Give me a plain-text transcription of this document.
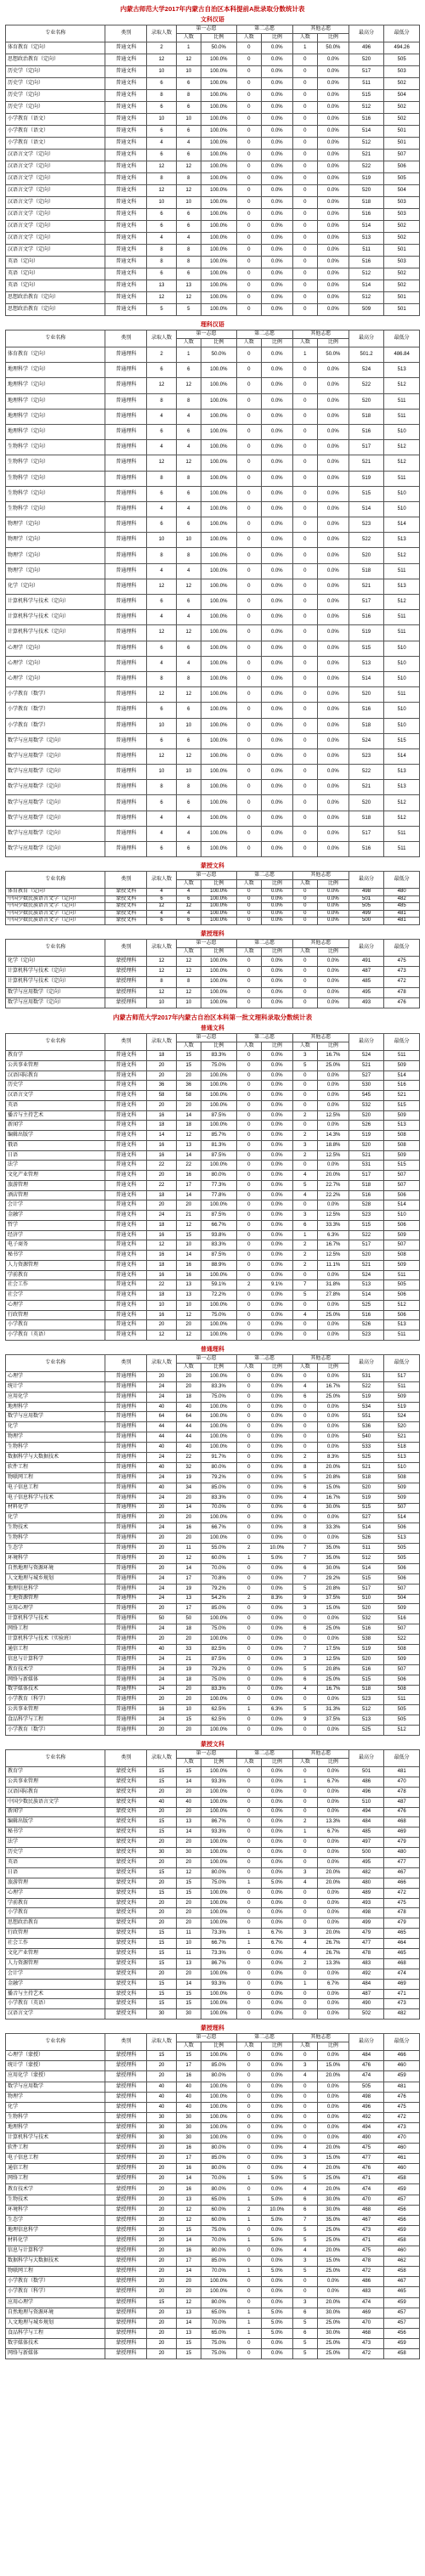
内蒙古师范大学2017年内蒙古自治区本科提前A批录取分数统计表
文科汉语
专业名称	类别	录取人数	第一志愿		第二志愿		其他志愿		最高分	最低分
			人数	比例	人数	比例	人数	比例		
体育教育（定向）	普通文科	2	1	50.0%	0	0.0%	1	50.0%	496	494.26
思想政治教育（定向）	普通文科	12	12	100.0%	0	0.0%	0	0.0%	520	505
历史学（定向）	普通文科	10	10	100.0%	0	0.0%	0	0.0%	517	503
历史学（定向）	普通文科	6	6	100.0%	0	0.0%	0	0.0%	511	502
历史学（定向）	普通文科	8	8	100.0%	0	0.0%	0	0.0%	515	504
历史学（定向）	普通文科	6	6	100.0%	0	0.0%	0	0.0%	512	502
小学教育（语文）	普通文科	10	10	100.0%	0	0.0%	0	0.0%	516	502
小学教育（语文）	普通文科	6	6	100.0%	0	0.0%	0	0.0%	514	501
小学教育（语文）	普通文科	4	4	100.0%	0	0.0%	0	0.0%	512	501
汉语言文学（定向）	普通文科	6	6	100.0%	0	0.0%	0	0.0%	521	507
汉语言文学（定向）	普通文科	12	12	100.0%	0	0.0%	0	0.0%	522	506
汉语言文学（定向）	普通文科	8	8	100.0%	0	0.0%	0	0.0%	519	505
汉语言文学（定向）	普通文科	12	12	100.0%	0	0.0%	0	0.0%	520	504
汉语言文学（定向）	普通文科	10	10	100.0%	0	0.0%	0	0.0%	518	503
汉语言文学（定向）	普通文科	6	6	100.0%	0	0.0%	0	0.0%	516	503
汉语言文学（定向）	普通文科	6	6	100.0%	0	0.0%	0	0.0%	514	502
汉语言文学（定向）	普通文科	4	4	100.0%	0	0.0%	0	0.0%	513	502
汉语言文学（定向）	普通文科	8	8	100.0%	0	0.0%	0	0.0%	511	501
英语（定向）	普通文科	8	8	100.0%	0	0.0%	0	0.0%	516	503
英语（定向）	普通文科	6	6	100.0%	0	0.0%	0	0.0%	512	502
英语（定向）	普通文科	13	13	100.0%	0	0.0%	0	0.0%	514	502
思想政治教育（定向）	普通文科	12	12	100.0%	0	0.0%	0	0.0%	512	501
思想政治教育（定向）	普通文科	5	5	100.0%	0	0.0%	0	0.0%	509	501
理科汉语
专业名称	类别	录取人数	第一志愿		第二志愿		其他志愿		最高分	最低分
			人数	比例	人数	比例	人数	比例		
体育教育（定向）	普通理科	2	1	50.0%	0	0.0%	1	50.0%	501.2	486.84
地理科学（定向）	普通理科	6	6	100.0%	0	0.0%	0	0.0%	524	513
地理科学（定向）	普通理科	12	12	100.0%	0	0.0%	0	0.0%	522	512
地理科学（定向）	普通理科	8	8	100.0%	0	0.0%	0	0.0%	520	511
地理科学（定向）	普通理科	4	4	100.0%	0	0.0%	0	0.0%	518	511
地理科学（定向）	普通理科	6	6	100.0%	0	0.0%	0	0.0%	516	510
生物科学（定向）	普通理科	4	4	100.0%	0	0.0%	0	0.0%	517	512
生物科学（定向）	普通理科	12	12	100.0%	0	0.0%	0	0.0%	521	512
生物科学（定向）	普通理科	8	8	100.0%	0	0.0%	0	0.0%	519	511
生物科学（定向）	普通理科	6	6	100.0%	0	0.0%	0	0.0%	515	510
生物科学（定向）	普通理科	4	4	100.0%	0	0.0%	0	0.0%	514	510
物理学（定向）	普通理科	6	6	100.0%	0	0.0%	0	0.0%	523	514
物理学（定向）	普通理科	10	10	100.0%	0	0.0%	0	0.0%	522	513
物理学（定向）	普通理科	8	8	100.0%	0	0.0%	0	0.0%	520	512
物理学（定向）	普通理科	4	4	100.0%	0	0.0%	0	0.0%	518	511
化学（定向）	普通理科	12	12	100.0%	0	0.0%	0	0.0%	521	513
计算机科学与技术（定向）	普通理科	6	6	100.0%	0	0.0%	0	0.0%	517	512
计算机科学与技术（定向）	普通理科	4	4	100.0%	0	0.0%	0	0.0%	516	511
计算机科学与技术（定向）	普通理科	12	12	100.0%	0	0.0%	0	0.0%	519	511
心理学（定向）	普通理科	6	6	100.0%	0	0.0%	0	0.0%	515	510
心理学（定向）	普通理科	4	4	100.0%	0	0.0%	0	0.0%	513	510
心理学（定向）	普通理科	8	8	100.0%	0	0.0%	0	0.0%	514	510
小学教育（数学）	普通理科	12	12	100.0%	0	0.0%	0	0.0%	520	511
小学教育（数学）	普通理科	6	6	100.0%	0	0.0%	0	0.0%	516	510
小学教育（数学）	普通理科	10	10	100.0%	0	0.0%	0	0.0%	518	510
数学与应用数学（定向）	普通理科	6	6	100.0%	0	0.0%	0	0.0%	524	515
数学与应用数学（定向）	普通理科	12	12	100.0%	0	0.0%	0	0.0%	523	514
数学与应用数学（定向）	普通理科	10	10	100.0%	0	0.0%	0	0.0%	522	513
数学与应用数学（定向）	普通理科	8	8	100.0%	0	0.0%	0	0.0%	521	513
数学与应用数学（定向）	普通理科	6	6	100.0%	0	0.0%	0	0.0%	520	512
数学与应用数学（定向）	普通理科	4	4	100.0%	0	0.0%	0	0.0%	518	512
数学与应用数学（定向）	普通理科	4	4	100.0%	0	0.0%	0	0.0%	517	511
数学与应用数学（定向）	普通理科	6	6	100.0%	0	0.0%	0	0.0%	516	511
蒙授文科
专业名称	类别	录取人数	第一志愿		第二志愿		其他志愿		最高分	最低分
			人数	比例	人数	比例	人数	比例		
体育教育（定向）	蒙授文科	4	4	100.0%	0	0.0%	0	0.0%	498	480
中国少数民族语言文学（定向）	蒙授文科	6	6	100.0%	0	0.0%	0	0.0%	501	482
中国少数民族语言文学（定向）	蒙授文科	12	12	100.0%	0	0.0%	0	0.0%	505	485
中国少数民族语言文学（定向）	蒙授文科	4	4	100.0%	0	0.0%	0	0.0%	499	481
中国少数民族语言文学（定向）	蒙授文科	6	6	100.0%	0	0.0%	0	0.0%	500	481
蒙授理科
专业名称	类别	录取人数	第一志愿		第二志愿		其他志愿		最高分	最低分
			人数	比例	人数	比例	人数	比例		
化学（定向）	蒙授理科	12	12	100.0%	0	0.0%	0	0.0%	491	475
计算机科学与技术（定向）	蒙授理科	12	12	100.0%	0	0.0%	0	0.0%	487	473
计算机科学与技术（定向）	蒙授理科	8	8	100.0%	0	0.0%	0	0.0%	485	472
数学与应用数学（定向）	蒙授理科	12	12	100.0%	0	0.0%	0	0.0%	495	478
数学与应用数学（定向）	蒙授理科	10	10	100.0%	0	0.0%	0	0.0%	493	476
内蒙古师范大学2017年内蒙古自治区本科第一批文理科录取分数统计表
普通文科
专业名称	类别	录取人数	第一志愿		第二志愿		其他志愿		最高分	最低分
			人数	比例	人数	比例	人数	比例		
教育学	普通文科	18	15	83.3%	0	0.0%	3	16.7%	524	511
公共事业管理	普通文科	20	15	75.0%	0	0.0%	5	25.0%	521	509
汉语国际教育	普通文科	20	20	100.0%	0	0.0%	0	0.0%	527	514
历史学	普通文科	36	36	100.0%	0	0.0%	0	0.0%	530	516
汉语言文学	普通文科	58	58	100.0%	0	0.0%	0	0.0%	545	521
英语	普通文科	20	20	100.0%	0	0.0%	0	0.0%	532	515
播音与主持艺术	普通文科	16	14	87.5%	0	0.0%	2	12.5%	520	509
新闻学	普通文科	18	18	100.0%	0	0.0%	0	0.0%	526	513
编辑出版学	普通文科	14	12	85.7%	0	0.0%	2	14.3%	519	508
俄语	普通文科	16	13	81.3%	0	0.0%	3	18.8%	520	508
日语	普通文科	16	14	87.5%	0	0.0%	2	12.5%	521	509
法学	普通文科	22	22	100.0%	0	0.0%	0	0.0%	531	515
文化产业管理	普通文科	20	16	80.0%	0	0.0%	4	20.0%	517	507
旅游管理	普通文科	22	17	77.3%	0	0.0%	5	22.7%	518	507
酒店管理	普通文科	18	14	77.8%	0	0.0%	4	22.2%	516	506
会计学	普通文科	20	20	100.0%	0	0.0%	0	0.0%	528	514
金融学	普通文科	24	21	87.5%	0	0.0%	3	12.5%	523	510
哲学	普通文科	18	12	66.7%	0	0.0%	6	33.3%	515	506
经济学	普通文科	16	15	93.8%	0	0.0%	1	6.3%	522	509
电子商务	普通文科	12	10	83.3%	0	0.0%	2	16.7%	517	507
秘书学	普通文科	16	14	87.5%	0	0.0%	2	12.5%	520	508
人力资源管理	普通文科	18	16	88.9%	0	0.0%	2	11.1%	521	509
学前教育	普通文科	16	16	100.0%	0	0.0%	0	0.0%	524	511
社会工作	普通文科	22	13	59.1%	2	9.1%	7	31.8%	513	505
社会学	普通文科	18	13	72.2%	0	0.0%	5	27.8%	514	506
心理学	普通文科	10	10	100.0%	0	0.0%	0	0.0%	525	512
行政管理	普通文科	16	12	75.0%	0	0.0%	4	25.0%	516	506
小学教育	普通文科	20	20	100.0%	0	0.0%	0	0.0%	526	513
小学教育（英语）	普通文科	12	12	100.0%	0	0.0%	0	0.0%	523	511
普通理科
专业名称	类别	录取人数	第一志愿		第二志愿		其他志愿		最高分	最低分
			人数	比例	人数	比例	人数	比例		
心理学	普通理科	20	20	100.0%	0	0.0%	0	0.0%	531	517
统计学	普通理科	24	20	83.3%	0	0.0%	4	16.7%	522	511
应用化学	普通理科	24	18	75.0%	0	0.0%	6	25.0%	519	509
地理科学	普通理科	40	40	100.0%	0	0.0%	0	0.0%	534	519
数学与应用数学	普通理科	64	64	100.0%	0	0.0%	0	0.0%	551	524
化学	普通理科	44	44	100.0%	0	0.0%	0	0.0%	536	520
物理学	普通理科	44	44	100.0%	0	0.0%	0	0.0%	540	521
生物科学	普通理科	40	40	100.0%	0	0.0%	0	0.0%	533	518
数据科学与大数据技术	普通理科	24	22	91.7%	0	0.0%	2	8.3%	525	513
软件工程	普通理科	40	32	80.0%	0	0.0%	8	20.0%	521	510
物联网工程	普通理科	24	19	79.2%	0	0.0%	5	20.8%	518	508
电子信息工程	普通理科	40	34	85.0%	0	0.0%	6	15.0%	520	509
电子信息科学与技术	普通理科	24	20	83.3%	0	0.0%	4	16.7%	519	509
材料化学	普通理科	20	14	70.0%	0	0.0%	6	30.0%	515	507
化学	普通理科	20	20	100.0%	0	0.0%	0	0.0%	527	514
生物技术	普通理科	24	16	66.7%	0	0.0%	8	33.3%	514	506
生物科学	普通理科	20	20	100.0%	0	0.0%	0	0.0%	526	513
生态学	普通理科	20	11	55.0%	2	10.0%	7	35.0%	511	505
环境科学	普通理科	20	12	60.0%	1	5.0%	7	35.0%	512	505
自然地理与资源环境	普通理科	20	14	70.0%	0	0.0%	6	30.0%	514	506
人文地理与城乡规划	普通理科	24	17	70.8%	0	0.0%	7	29.2%	515	506
地理信息科学	普通理科	24	19	79.2%	0	0.0%	5	20.8%	517	507
土地资源管理	普通理科	24	13	54.2%	2	8.3%	9	37.5%	510	504
应用心理学	普通理科	20	17	85.0%	0	0.0%	3	15.0%	520	509
计算机科学与技术	普通理科	50	50	100.0%	0	0.0%	0	0.0%	532	516
网络工程	普通理科	24	18	75.0%	0	0.0%	6	25.0%	516	507
计算机科学与技术（实验班）	普通理科	20	20	100.0%	0	0.0%	0	0.0%	538	522
通信工程	普通理科	40	33	82.5%	0	0.0%	7	17.5%	519	508
信息与计算科学	普通理科	24	21	87.5%	0	0.0%	3	12.5%	520	509
教育技术学	普通理科	24	19	79.2%	0	0.0%	5	20.8%	516	507
网络与新媒体	普通理科	24	18	75.0%	0	0.0%	6	25.0%	515	506
数字媒体技术	普通理科	24	20	83.3%	0	0.0%	4	16.7%	518	508
小学教育（科学）	普通理科	20	20	100.0%	0	0.0%	0	0.0%	523	511
公共事业管理	普通理科	16	10	62.5%	1	6.3%	5	31.3%	512	505
食品科学与工程	普通理科	24	15	62.5%	0	0.0%	9	37.5%	513	505
小学教育（数学）	普通理科	20	20	100.0%	0	0.0%	0	0.0%	525	512
蒙授文科
专业名称	类别	录取人数	第一志愿		第二志愿		其他志愿		最高分	最低分
			人数	比例	人数	比例	人数	比例		
教育学	蒙授文科	15	15	100.0%	0	0.0%	0	0.0%	501	481
公共事业管理	蒙授文科	15	14	93.3%	0	0.0%	1	6.7%	486	470
汉语国际教育	蒙授文科	20	20	100.0%	0	0.0%	0	0.0%	496	478
中国少数民族语言文学	蒙授文科	40	40	100.0%	0	0.0%	0	0.0%	510	487
新闻学	蒙授文科	20	20	100.0%	0	0.0%	0	0.0%	494	476
编辑出版学	蒙授文科	15	13	86.7%	0	0.0%	2	13.3%	484	468
秘书学	蒙授文科	15	14	93.3%	0	0.0%	1	6.7%	485	469
法学	蒙授文科	20	20	100.0%	0	0.0%	0	0.0%	497	479
历史学	蒙授文科	30	30	100.0%	0	0.0%	0	0.0%	500	480
英语	蒙授文科	20	20	100.0%	0	0.0%	0	0.0%	495	477
日语	蒙授文科	15	12	80.0%	0	0.0%	3	20.0%	482	467
旅游管理	蒙授文科	20	15	75.0%	1	5.0%	4	20.0%	480	466
心理学	蒙授文科	15	15	100.0%	0	0.0%	0	0.0%	489	472
学前教育	蒙授文科	20	20	100.0%	0	0.0%	0	0.0%	493	475
小学教育	蒙授文科	20	20	100.0%	0	0.0%	0	0.0%	498	478
思想政治教育	蒙授文科	20	20	100.0%	0	0.0%	0	0.0%	499	479
行政管理	蒙授文科	15	11	73.3%	1	6.7%	3	20.0%	479	465
社会工作	蒙授文科	15	10	66.7%	1	6.7%	4	26.7%	477	464
文化产业管理	蒙授文科	15	11	73.3%	0	0.0%	4	26.7%	478	465
人力资源管理	蒙授文科	15	13	86.7%	0	0.0%	2	13.3%	483	468
会计学	蒙授文科	20	20	100.0%	0	0.0%	0	0.0%	492	474
金融学	蒙授文科	15	14	93.3%	0	0.0%	1	6.7%	484	469
播音与主持艺术	蒙授文科	15	15	100.0%	0	0.0%	0	0.0%	487	471
小学教育（英语）	蒙授文科	15	15	100.0%	0	0.0%	0	0.0%	490	473
汉语言文学	蒙授文科	30	30	100.0%	0	0.0%	0	0.0%	502	482
蒙授理科
专业名称	类别	录取人数	第一志愿		第二志愿		其他志愿		最高分	最低分
			人数	比例	人数	比例	人数	比例		
心理学（蒙授）	蒙授理科	15	15	100.0%	0	0.0%	0	0.0%	484	466
统计学（蒙授）	蒙授理科	20	17	85.0%	0	0.0%	3	15.0%	476	460
应用化学（蒙授）	蒙授理科	20	16	80.0%	0	0.0%	4	20.0%	474	459
数学与应用数学	蒙授理科	40	40	100.0%	0	0.0%	0	0.0%	505	481
物理学	蒙授理科	40	40	100.0%	0	0.0%	0	0.0%	498	476
化学	蒙授理科	40	40	100.0%	0	0.0%	0	0.0%	496	475
生物科学	蒙授理科	30	30	100.0%	0	0.0%	0	0.0%	492	472
地理科学	蒙授理科	30	30	100.0%	0	0.0%	0	0.0%	494	473
计算机科学与技术	蒙授理科	30	30	100.0%	0	0.0%	0	0.0%	490	470
软件工程	蒙授理科	20	16	80.0%	0	0.0%	4	20.0%	475	460
电子信息工程	蒙授理科	20	17	85.0%	0	0.0%	3	15.0%	477	461
通信工程	蒙授理科	20	16	80.0%	0	0.0%	4	20.0%	476	460
网络工程	蒙授理科	20	14	70.0%	1	5.0%	5	25.0%	471	458
教育技术学	蒙授理科	20	16	80.0%	0	0.0%	4	20.0%	474	459
生物技术	蒙授理科	20	13	65.0%	1	5.0%	6	30.0%	470	457
环境科学	蒙授理科	20	12	60.0%	2	10.0%	6	30.0%	468	456
生态学	蒙授理科	20	12	60.0%	1	5.0%	7	35.0%	467	456
地理信息科学	蒙授理科	20	15	75.0%	0	0.0%	5	25.0%	473	459
材料化学	蒙授理科	20	14	70.0%	1	5.0%	5	25.0%	471	458
信息与计算科学	蒙授理科	20	16	80.0%	0	0.0%	4	20.0%	475	460
数据科学与大数据技术	蒙授理科	20	17	85.0%	0	0.0%	3	15.0%	478	462
物联网工程	蒙授理科	20	14	70.0%	1	5.0%	5	25.0%	472	458
小学教育（数学）	蒙授理科	20	20	100.0%	0	0.0%	0	0.0%	486	467
小学教育（科学）	蒙授理科	20	20	100.0%	0	0.0%	0	0.0%	483	465
应用心理学	蒙授理科	15	12	80.0%	0	0.0%	3	20.0%	474	459
自然地理与资源环境	蒙授理科	20	13	65.0%	1	5.0%	6	30.0%	469	457
人文地理与城乡规划	蒙授理科	20	14	70.0%	1	5.0%	5	25.0%	470	457
食品科学与工程	蒙授理科	20	13	65.0%	1	5.0%	6	30.0%	468	456
数字媒体技术	蒙授理科	20	15	75.0%	0	0.0%	5	25.0%	473	459
网络与新媒体	蒙授理科	20	15	75.0%	0	0.0%	5	25.0%	472	458
